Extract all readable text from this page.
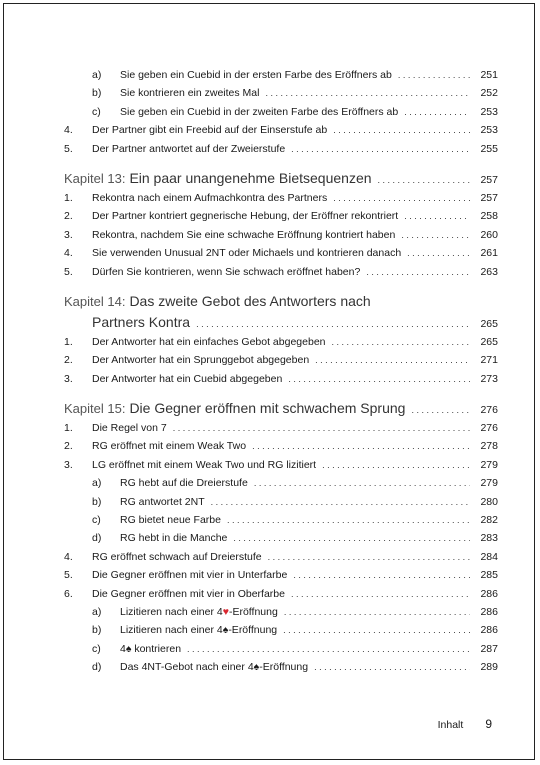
a)	Sie geben ein Cuebid in der ersten Farbe des Eröffners ab . . .	251
b)	Sie kontrieren ein zweites Mal . . .	252
c)	Sie geben ein Cuebid in der zweiten Farbe des Eröffners ab . . .	253
4.	Der Partner gibt ein Freebid auf der Einserstufe ab . . .	253
5.	Der Partner antwortet auf der Zweierstufe . . .	255
Kapitel 13: Ein paar unangenehme Bietsequenzen . . .	257
1.	Rekontra nach einem Aufmachkontra des Partners . . .	257
2.	Der Partner kontriert gegnerische Hebung, der Eröffner rekontriert . . .	258
3.	Rekontra, nachdem Sie eine schwache Eröffnung kontriert haben . . .	260
4.	Sie verwenden Unusual 2NT oder Michaels und kontrieren danach . . .	261
5.	Dürfen Sie kontrieren, wenn Sie schwach eröffnet haben? . . .	263
Kapitel 14: Das zweite Gebot des Antworters nach
Partners Kontra . . .	265
1.	Der Antworter hat ein einfaches Gebot abgegeben . . .	265
2.	Der Antworter hat ein Sprunggebot abgegeben . . .	271
3.	Der Antworter hat ein Cuebid abgegeben . . .	273
Kapitel 15: Die Gegner eröffnen mit schwachem Sprung . . .	276
1.	Die Regel von 7 . . .	276
2.	RG eröffnet mit einem Weak Two . . .	278
3.	LG eröffnet mit einem Weak Two und RG lizitiert . . .	279
a)	RG hebt auf die Dreierstufe . . .	279
b)	RG antwortet 2NT . . .	280
c)	RG bietet neue Farbe . . .	282
d)	RG hebt in die Manche . . .	283
4.	RG eröffnet schwach auf Dreierstufe . . .	284
5.	Die Gegner eröffnen mit vier in Unterfarbe . . .	285
6.	Die Gegner eröffnen mit vier in Oberfarbe . . .	286
a)	Lizitieren nach einer 4♥-Eröffnung . . .	286
b)	Lizitieren nach einer 4♠-Eröffnung . . .	286
c)	4♠ kontrieren . . .	287
d)	Das 4NT-Gebot nach einer 4♠-Eröffnung . . .	289
Inhalt 9
